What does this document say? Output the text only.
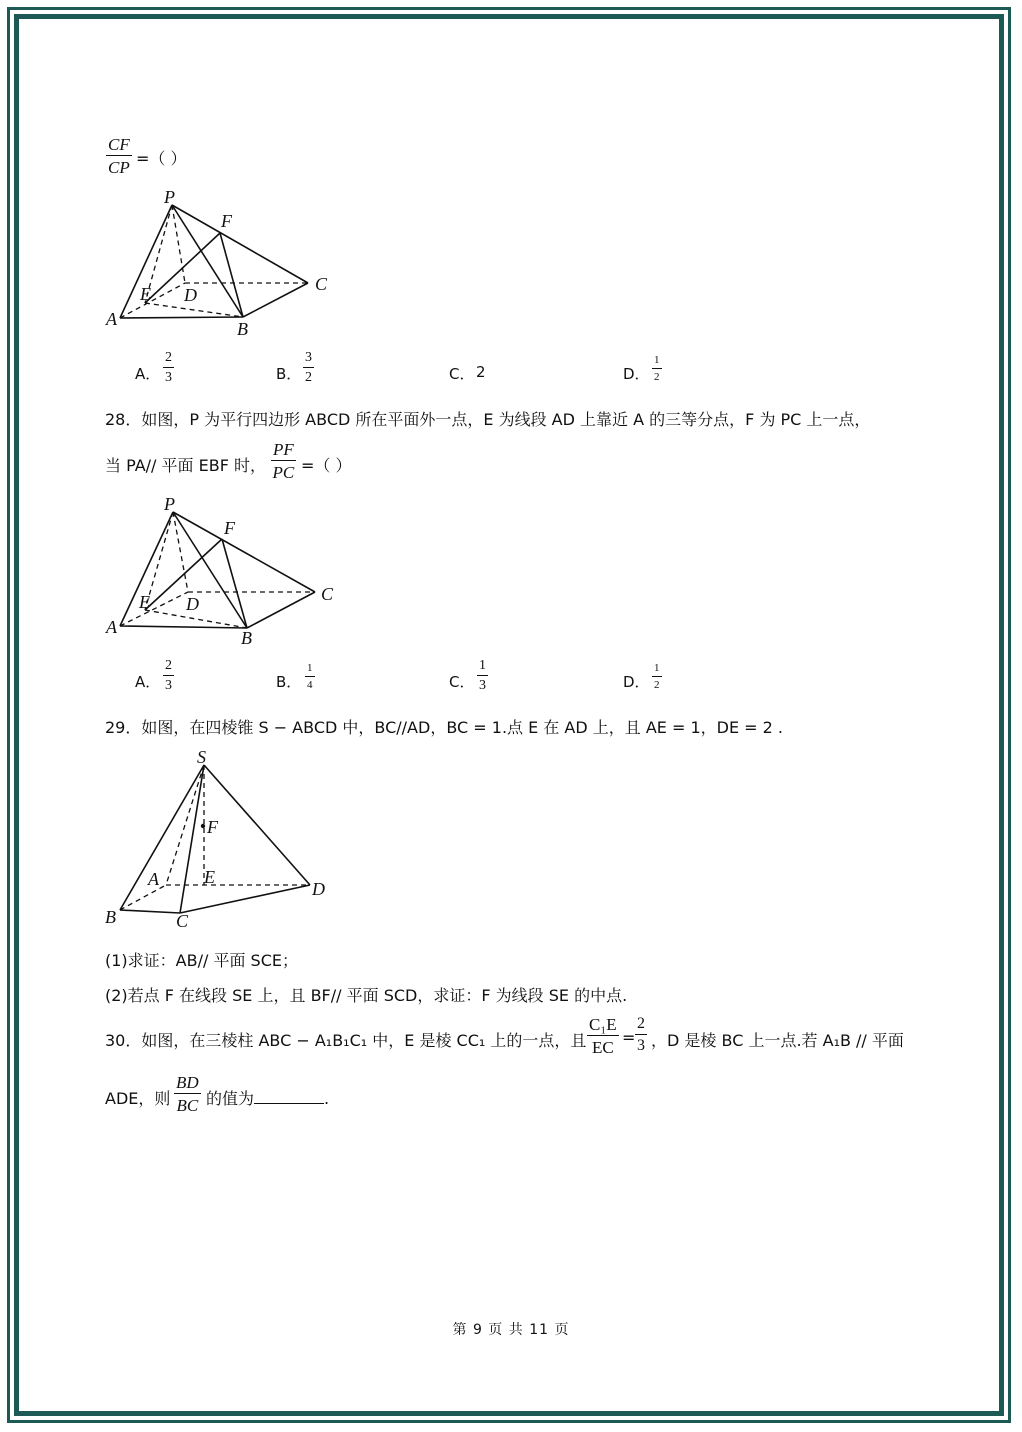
$\frac{CF}{CP}$ =（ ）
P
F
C
E D
A	B
A． $\frac{2}{3}$	B． $\frac{3}{2}$	C． 2	D． $\frac{1}{2}$
28．如图，P 为平行四边形 ABCD 所在平面外一点，E 为线段 AD 上靠近 A 的三等分点，F 为 PC 上一点，
当 PA// 平面 EBF 时， $\frac{PF}{PC}$ =（ ）
P
F
C
E D
A
B
A． $\frac{2}{3}$	B． $\frac{1}{4}$	C． $\frac{1}{3}$	D． $\frac{1}{2}$
29．如图，在四棱锥 S − ABCD 中，BC//AD，BC = 1.点 E 在 AD 上，且 AE = 1，DE = 2 .
S
F
A	E
D
B	C
(1)求证：AB// 平面 SCE；
(2)若点 F 在线段 SE 上，且 BF// 平面 SCD，求证：F 为线段 SE 的中点.
30．如图，在三棱柱 ABC − A₁B₁C₁ 中，E 是棱 CC₁ 上的一点，且 $\frac{\text{C₁E}}{EC} = \frac{2}{3}$ ，D 是棱 BC 上一点.若 A₁B // 平面
ADE，则 $\frac{BD}{BC}$ 的值为	.
第 9 页 共 11 页
